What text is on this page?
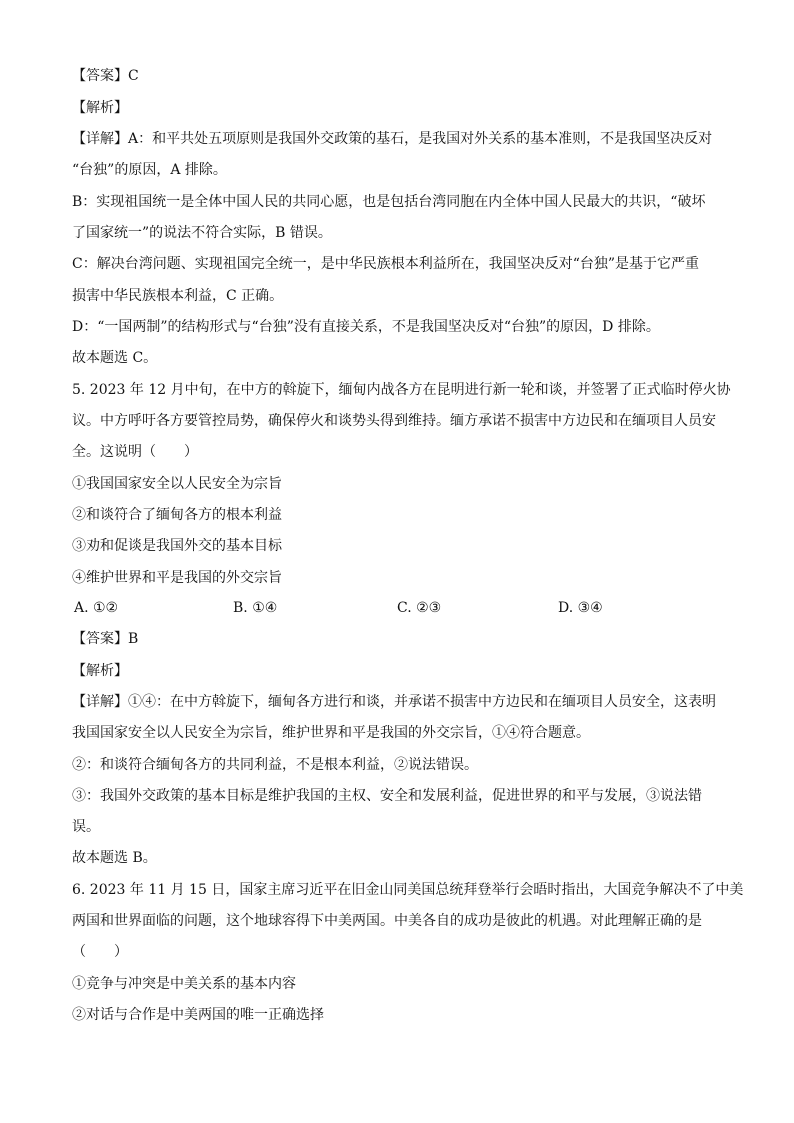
【答案】C
【解析】
【详解】A：和平共处五项原则是我国外交政策的基石，是我国对外关系的基本准则，不是我国坚决反对
“台独”的原因，A 排除。
B：实现祖国统一是全体中国人民的共同心愿，也是包括台湾同胞在内全体中国人民最大的共识，“破坏
了国家统一”的说法不符合实际，B 错误。
C：解决台湾问题、实现祖国完全统一，是中华民族根本利益所在，我国坚决反对“台独”是基于它严重
损害中华民族根本利益，C 正确。
D：“一国两制”的结构形式与“台独”没有直接关系，不是我国坚决反对“台独”的原因，D 排除。
故本题选 C。
5. 2023 年 12 月中旬，在中方的斡旋下，缅甸内战各方在昆明进行新一轮和谈，并签署了正式临时停火协
议。中方呼吁各方要管控局势，确保停火和谈势头得到维持。缅方承诺不损害中方边民和在缅项目人员安
全。这说明（　　）
①我国国家安全以人民安全为宗旨
②和谈符合了缅甸各方的根本利益
③劝和促谈是我国外交的基本目标
④维护世界和平是我国的外交宗旨
A. ①②	B. ①④	C. ②③	D. ③④
【答案】B
【解析】
【详解】①④：在中方斡旋下，缅甸各方进行和谈，并承诺不损害中方边民和在缅项目人员安全，这表明
我国国家安全以人民安全为宗旨，维护世界和平是我国的外交宗旨，①④符合题意。
②：和谈符合缅甸各方的共同利益，不是根本利益，②说法错误。
③：我国外交政策的基本目标是维护我国的主权、安全和发展利益，促进世界的和平与发展，③说法错
误。
故本题选 B。
6. 2023 年 11 月 15 日，国家主席习近平在旧金山同美国总统拜登举行会晤时指出，大国竞争解决不了中美
两国和世界面临的问题，这个地球容得下中美两国。中美各自的成功是彼此的机遇。对此理解正确的是
（　　）
①竞争与冲突是中美关系的基本内容
②对话与合作是中美两国的唯一正确选择
